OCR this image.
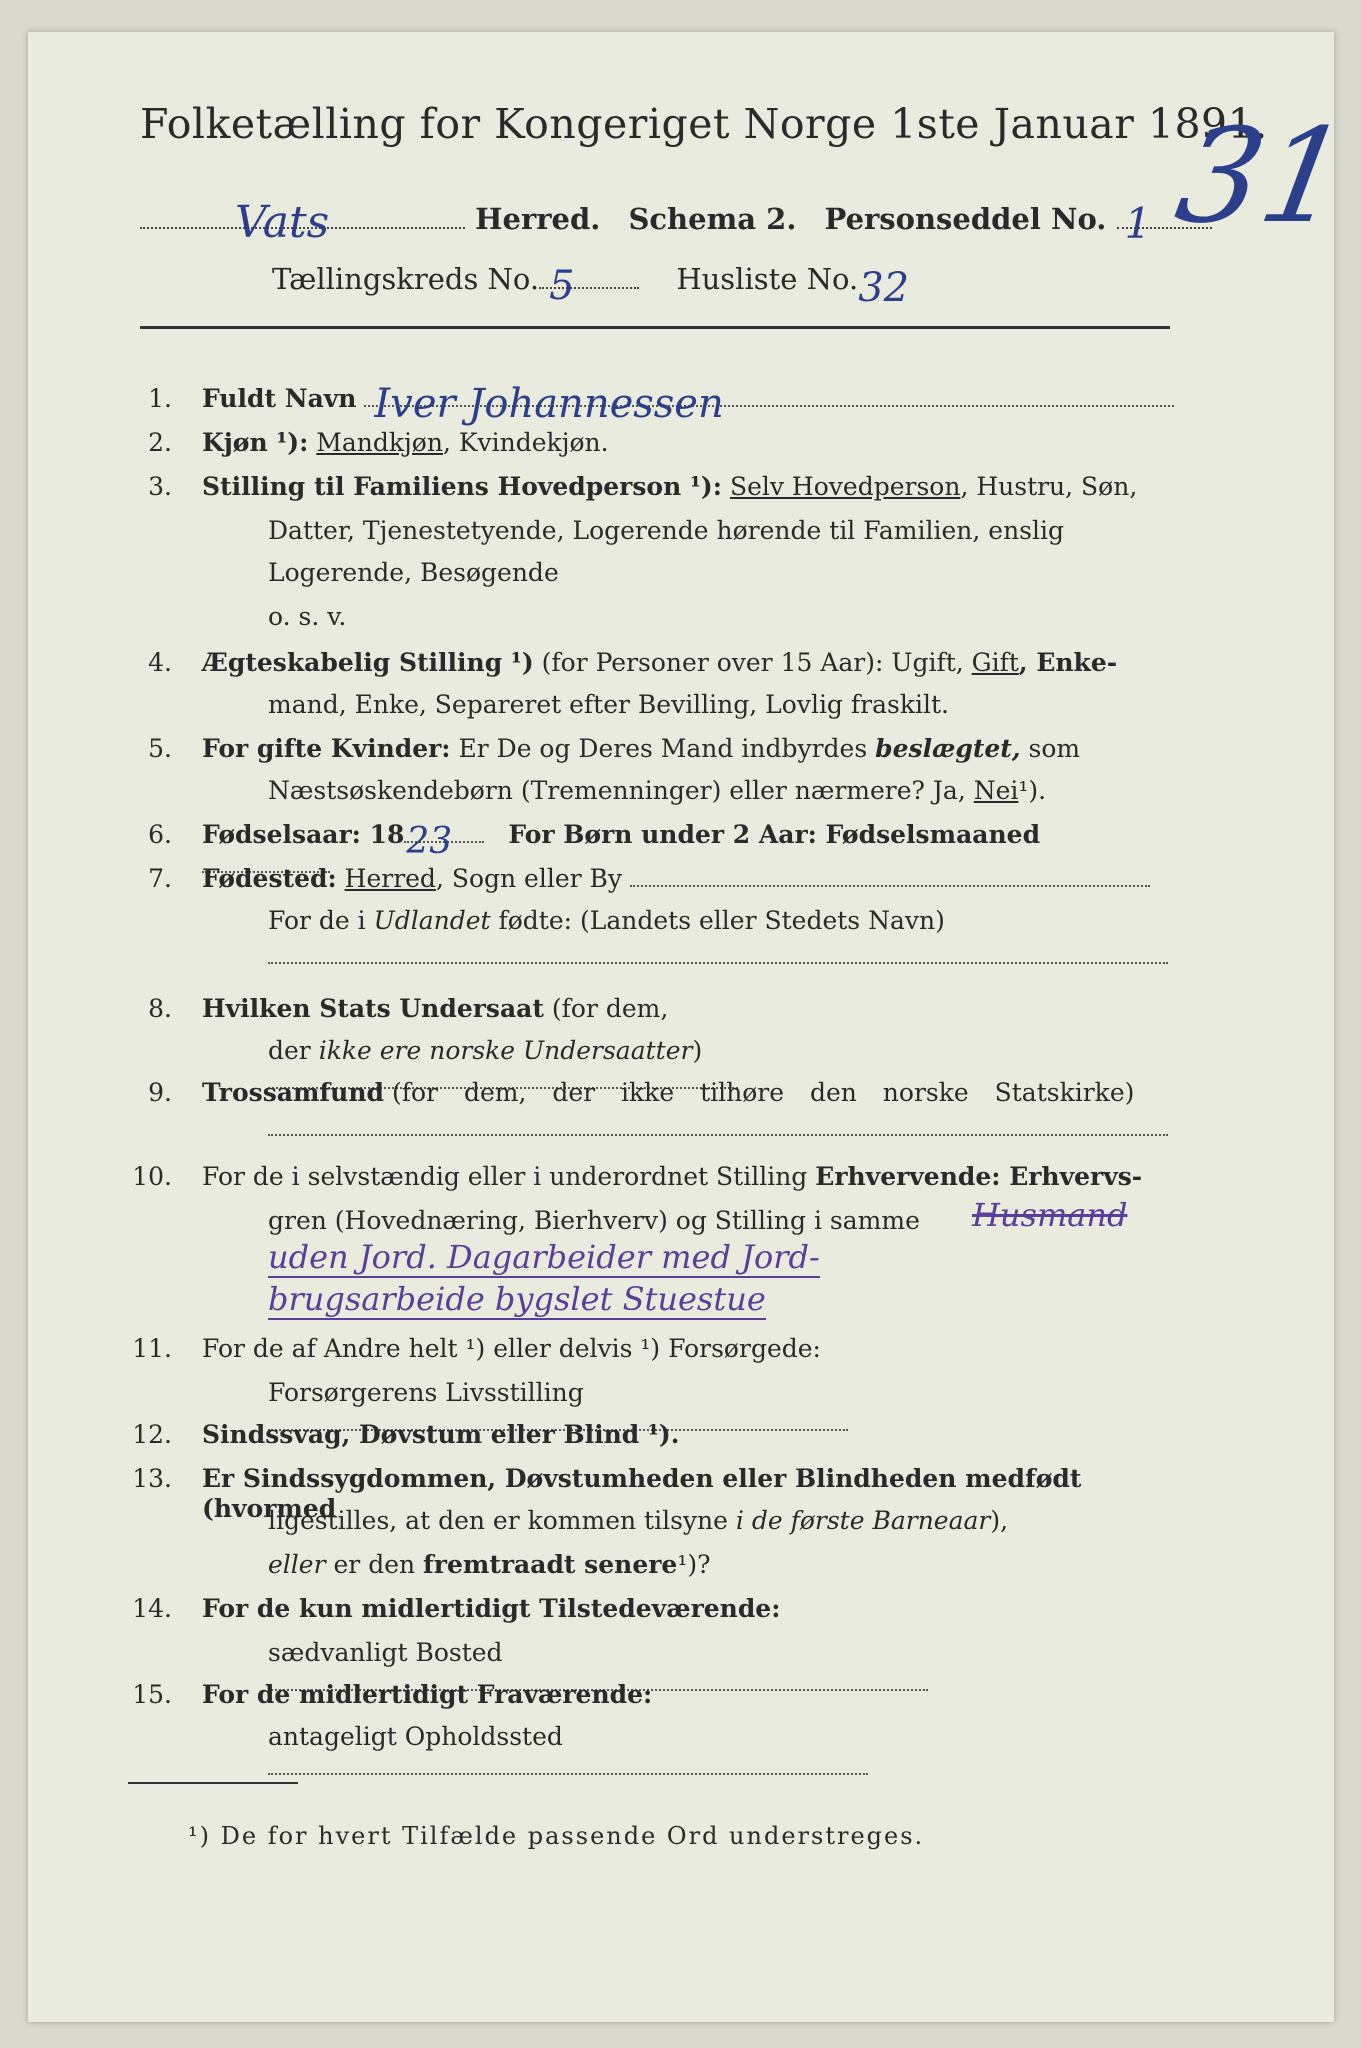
Folketælling for Kongeriget Norge 1ste Januar 1891.
31
Vats	Herred. Schema 2. Personseddel No. 1
Tællingskreds No. 5	Husliste No. 32
1. Fuldt Navn Iver Johannessen
2. Kjøn ¹): Mandkjøn, Kvindekjøn.
3. Stilling til Familiens Hovedperson ¹): Selv Hovedperson, Hustru, Søn,
Datter, Tjenestetyende, Logerende hørende til Familien, enslig
Logerende, Besøgende
o. s. v.
4. Ægteskabelig Stilling ¹) (for Personer over 15 Aar): Ugift, Gift, Enke-
mand, Enke, Separeret efter Bevilling, Lovlig fraskilt.
5. For gifte Kvinder: Er De og Deres Mand indbyrdes beslægtet, som
Næstsøskendebørn (Tremenninger) eller nærmere? Ja, Nei¹).
6. Fødselsaar: 18 23 For Børn under 2 Aar: Fødselsmaaned
7. Fødested: Herred, Sogn eller By
For de i Udlandet fødte: (Landets eller Stedets Navn)
8. Hvilken Stats Undersaat (for dem,
der ikke ere norske Undersaatter)
9. Trossamfund (for dem, der ikke tilhøre den norske Statskirke)
10. For de i selvstændig eller i underordnet Stilling Erhvervende: Erhvervs-
gren (Hovednæring, Bierhverv) og Stilling i samme Husmand
uden Jord. Dagarbeider med Jord-
brugsarbeide bygslet Stuestue
11. For de af Andre helt ¹) eller delvis ¹) Forsørgede:
Forsørgerens Livsstilling
12. Sindssvag, Døvstum eller Blind ¹).
13. Er Sindssygdommen, Døvstumheden eller Blindheden medfødt (hvormed
ligestilles, at den er kommen tilsyne i de første Barneaar),
eller er den fremtraadt senere¹)?
14. For de kun midlertidigt Tilstedeværende:
sædvanligt Bosted
15. For de midlertidigt Fraværende:
antageligt Opholdssted
¹) De for hvert Tilfælde passende Ord understreges.
